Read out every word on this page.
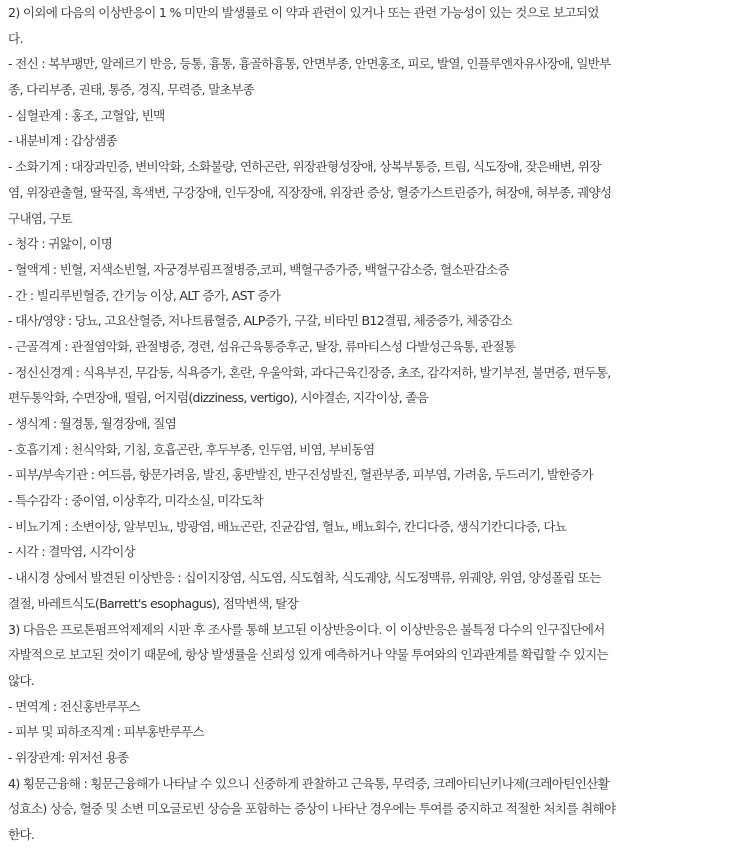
2) 이외에 다음의 이상반응이 1 % 미만의 발생률로 이 약과 관련이 있거나 또는 관련 가능성이 있는 것으로 보고되었
다.
- 전신 : 복부팽만, 알레르기 반응, 등통, 흉통, 흉골하흉통, 안면부종, 안면홍조, 피로, 발열, 인플루엔자유사장애, 일반부
종, 다리부종, 권태, 통증, 경직, 무력증, 말초부종
- 심혈관계 : 홍조, 고혈압, 빈맥
- 내분비계 : 갑상샘종
- 소화기계 : 대장과민증, 변비악화, 소화불량, 연하곤란, 위장관형성장애, 상복부통증, 트림, 식도장애, 잦은배변, 위장
염, 위장관출혈, 딸꾹질, 흑색변, 구강장애, 인두장애, 직장장애, 위장관 증상, 혈중가스트린증가, 혀장애, 혀부종, 궤양성
구내염, 구토
- 청각 : 귀앓이, 이명
- 혈액계 : 빈혈, 저색소빈혈, 자궁경부림프절병증,코피, 백혈구증가증, 백혈구감소증, 혈소판감소증
- 간 : 빌리루빈혈증, 간기능 이상, ALT 증가, AST 증가
- 대사/영양 : 당뇨, 고요산혈증, 저나트륨혈증, ALP증가, 구갈, 비타민 B12결핍, 체중증가, 체중감소
- 근골격계 : 관절염악화, 관절병증, 경련, 섬유근육통증후군, 탈장, 류마티스성 다발성근육통, 관절통
- 정신신경계 : 식욕부진, 무감동, 식욕증가, 혼란, 우울악화, 과다근육긴장증, 초조, 감각저하, 발기부전, 불면증, 편두통,
편두통악화, 수면장애, 떨림, 어지럼(dizziness, vertigo), 시야결손, 지각이상, 졸음
- 생식계 : 월경통, 월경장애, 질염
- 호흡기계 : 천식악화, 기침, 호흡곤란, 후두부종, 인두염, 비염, 부비동염
- 피부/부속기관 : 여드름, 항문가려움, 발진, 홍반발진, 반구진성발진, 혈관부종, 피부염, 가려움, 두드러기, 발한증가
- 특수감각 : 중이염, 이상후각, 미각소실, 미각도착
- 비뇨기계 : 소변이상, 알부민뇨, 방광염, 배뇨곤란, 진균감염, 혈뇨, 배뇨회수, 칸디다증, 생식기칸디다증, 다뇨
- 시각 : 결막염, 시각이상
- 내시경 상에서 발견된 이상반응 : 십이지장염, 식도염, 식도협착, 식도궤양, 식도정맥류, 위궤양, 위염, 양성폴립 또는
결절, 바레트식도(Barrett's esophagus), 점막변색, 탈장
3) 다음은 프로톤펌프억제제의 시판 후 조사를 통해 보고된 이상반응이다. 이 이상반응은 불특정 다수의 인구집단에서
자발적으로 보고된 것이기 때문에, 항상 발생률을 신뢰성 있게 예측하거나 약물 투여와의 인과관계를 확립할 수 있지는
않다.
- 면역계 : 전신홍반루푸스
- 피부 및 피하조직계 : 피부홍반루푸스
- 위장관계: 위저선 용종
4) 횡문근융해 : 횡문근융해가 나타날 수 있으니 신중하게 관찰하고 근육통, 무력증, 크레아티닌키나제(크레아틴인산활
성효소) 상승, 혈중 및 소변 미오글로빈 상승을 포함하는 증상이 나타난 경우에는 투여를 중지하고 적절한 처치를 취해야
한다.
